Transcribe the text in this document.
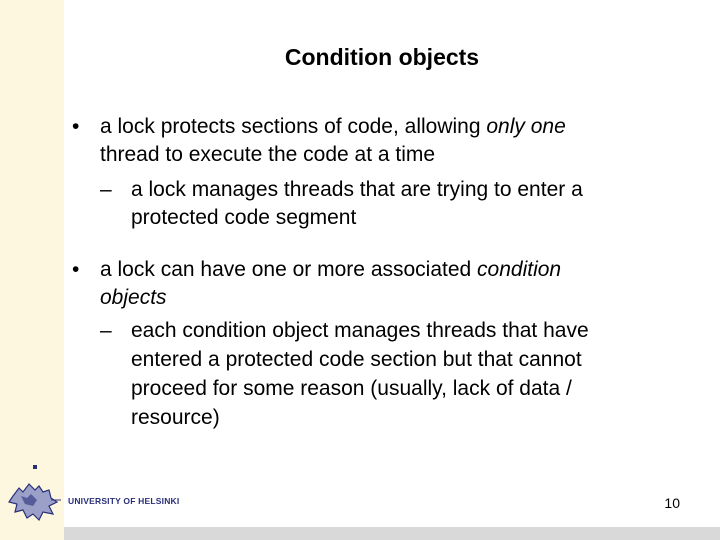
Condition objects
• a lock protects sections of code, allowing only one
thread to execute the code at a time
– a lock manages threads that are trying to enter a
protected code segment
• a lock can have one or more associated condition
objects
– each condition object manages threads that have
entered a protected code section but that cannot
proceed for some reason (usually, lack of data /
resource)
UNIVERSITY OF HELSINKI	10
